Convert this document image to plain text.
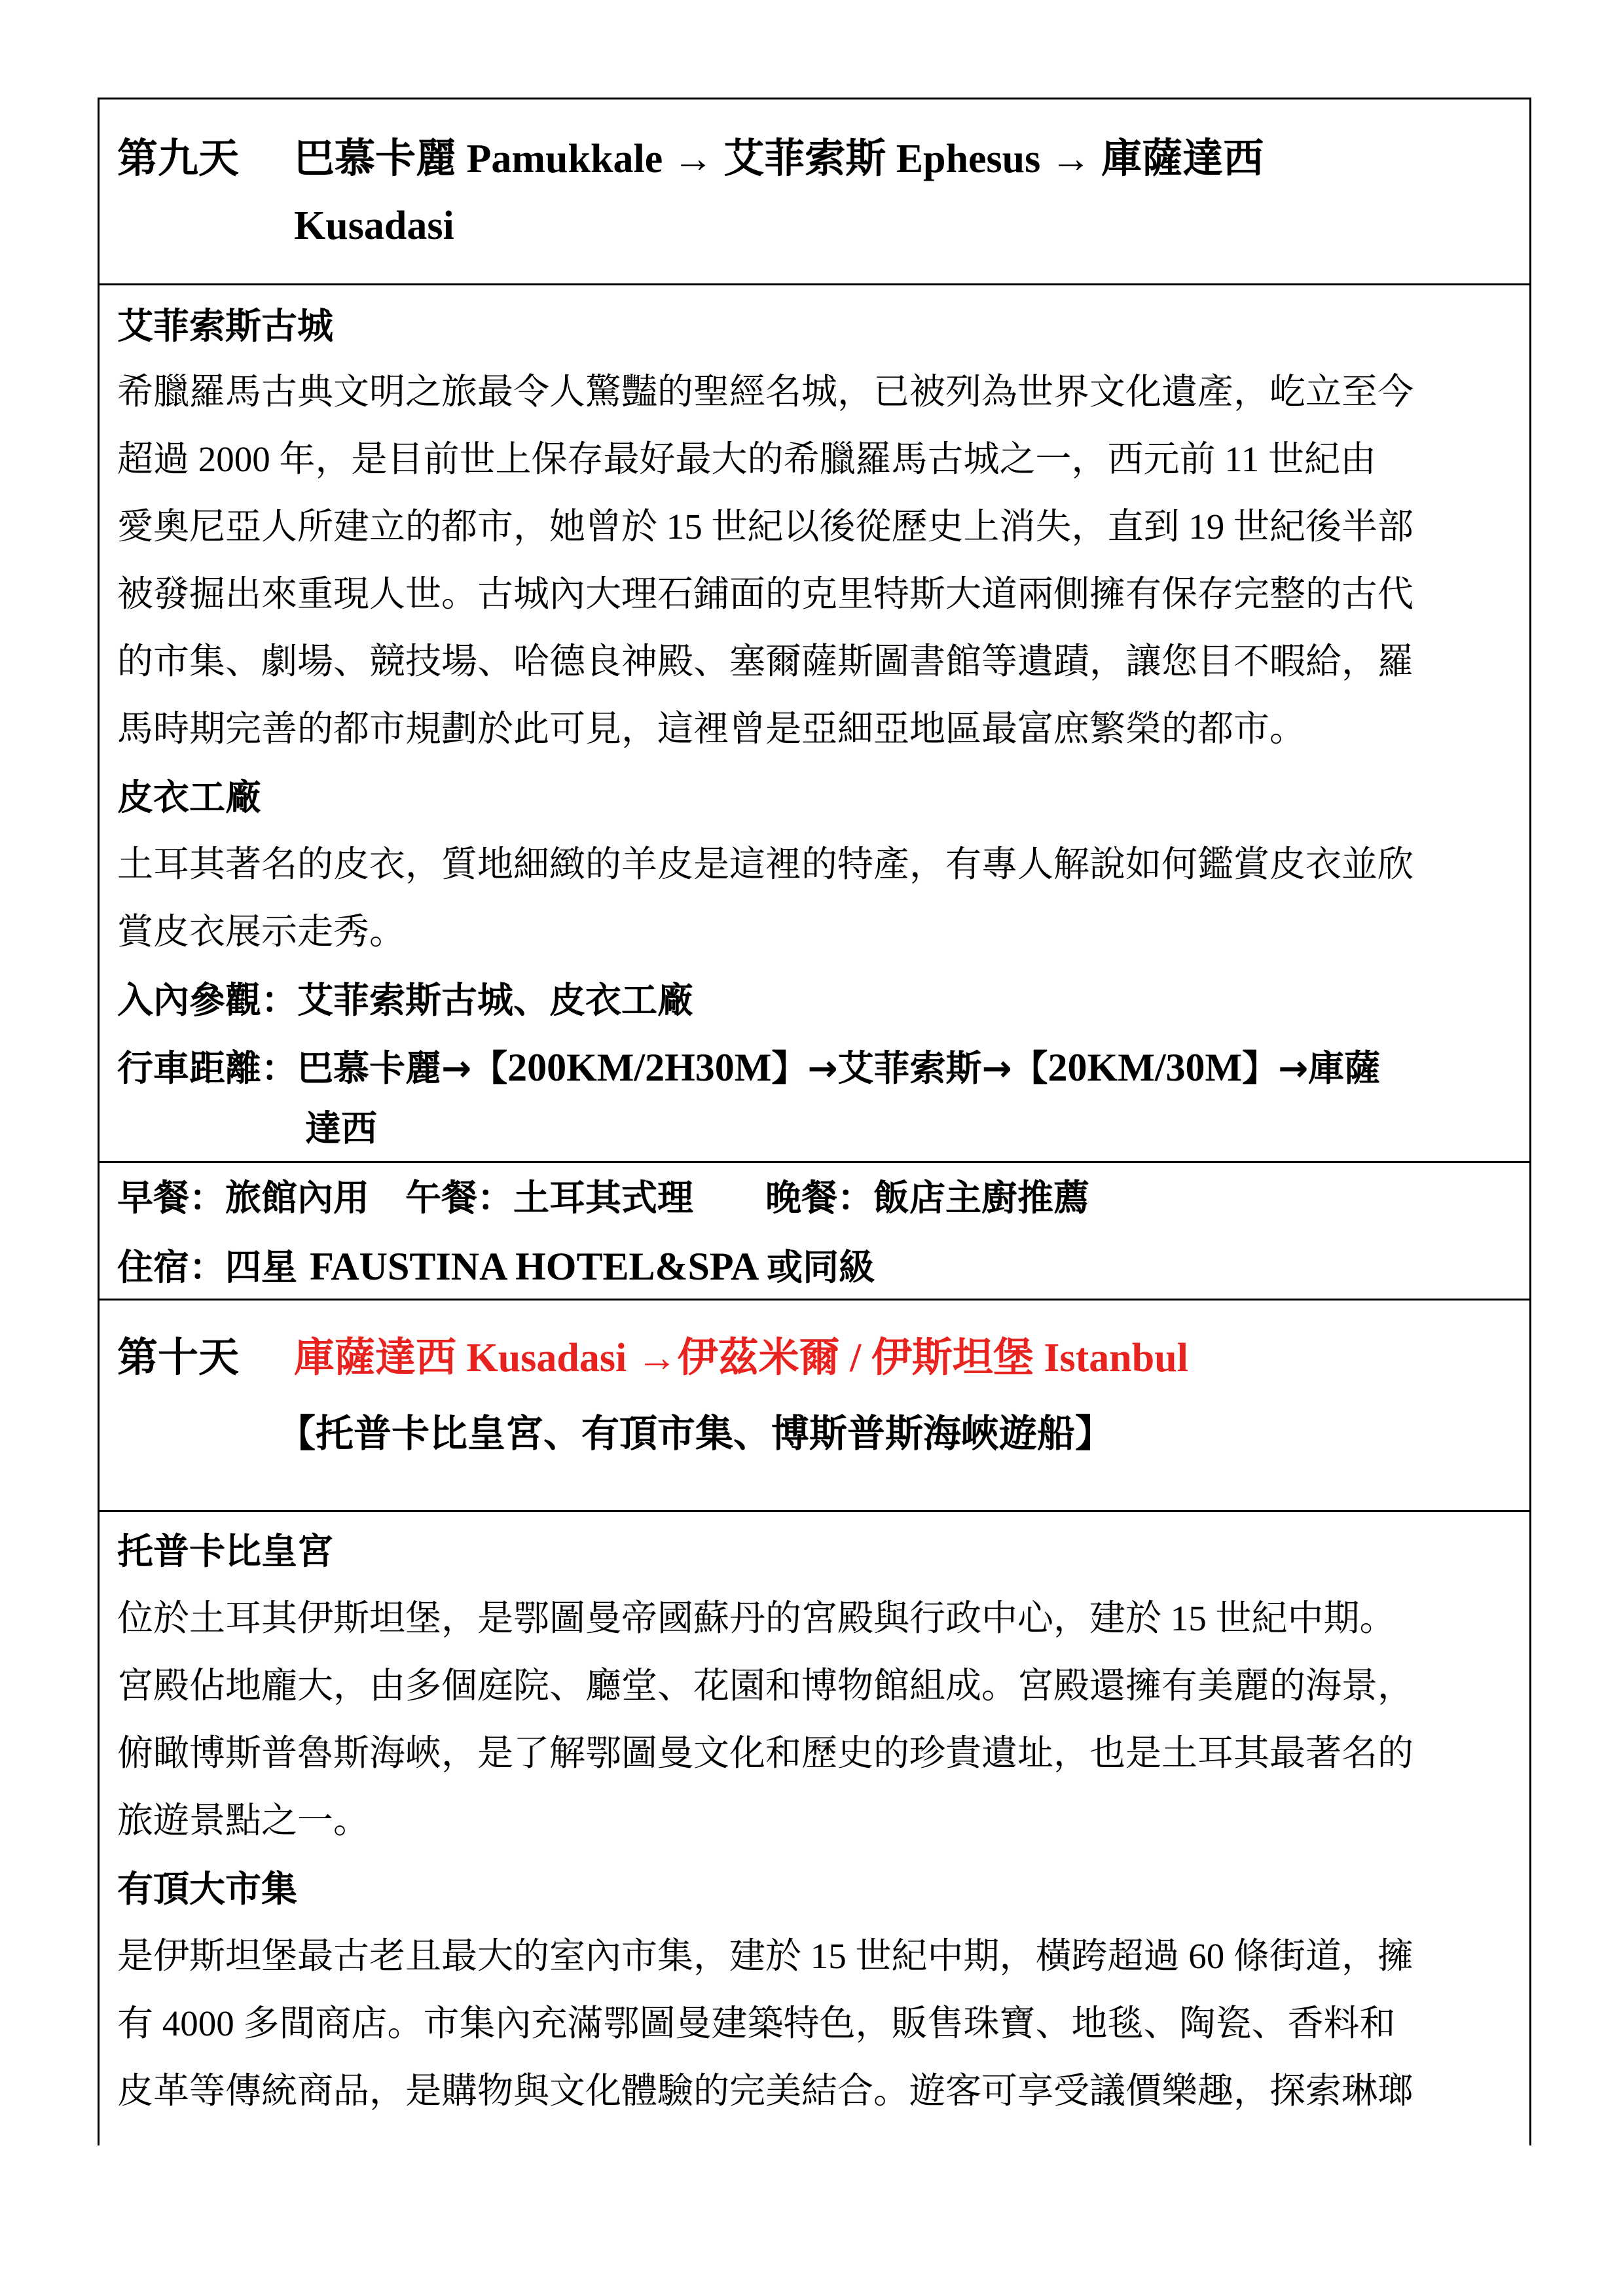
第九天 巴慕卡麗 Pamukkale → 艾菲索斯 Ephesus → 庫薩達西
Kusadasi
艾菲索斯古城
希臘羅馬古典文明之旅最令人驚豔的聖經名城，已被列為世界文化遺產，屹立至今
超過 2000 年，是目前世上保存最好最大的希臘羅馬古城之一，西元前 11 世紀由
愛奧尼亞人所建立的都市，她曾於 15 世紀以後從歷史上消失，直到 19 世紀後半部
被發掘出來重現人世。古城內大理石鋪面的克里特斯大道兩側擁有保存完整的古代
的市集、劇場、競技場、哈德良神殿、塞爾薩斯圖書館等遺蹟，讓您目不暇給，羅
馬時期完善的都市規劃於此可見，這裡曾是亞細亞地區最富庶繁榮的都市。
皮衣工廠
土耳其著名的皮衣，質地細緻的羊皮是這裡的特產，有專人解說如何鑑賞皮衣並欣
賞皮衣展示走秀。
入內參觀：艾菲索斯古城、皮衣工廠
行車距離：巴慕卡麗→【200KM/2H30M】→艾菲索斯→【20KM/30M】→庫薩
達西
早餐：旅館內用　午餐：土耳其式理　　晚餐：飯店主廚推薦
住宿：四星 FAUSTINA HOTEL&SPA 或同級
第十天 庫薩達西 Kusadasi →伊茲米爾 / 伊斯坦堡 Istanbul
【托普卡比皇宮、有頂市集、博斯普斯海峽遊船】
托普卡比皇宮
位於土耳其伊斯坦堡，是鄂圖曼帝國蘇丹的宮殿與行政中心，建於 15 世紀中期。
宮殿佔地龐大，由多個庭院、廳堂、花園和博物館組成。宮殿還擁有美麗的海景，
俯瞰博斯普魯斯海峽，是了解鄂圖曼文化和歷史的珍貴遺址，也是土耳其最著名的
旅遊景點之一。
有頂大市集
是伊斯坦堡最古老且最大的室內市集，建於 15 世紀中期，橫跨超過 60 條街道，擁
有 4000 多間商店。市集內充滿鄂圖曼建築特色，販售珠寶、地毯、陶瓷、香料和
皮革等傳統商品，是購物與文化體驗的完美結合。遊客可享受議價樂趣，探索琳瑯
